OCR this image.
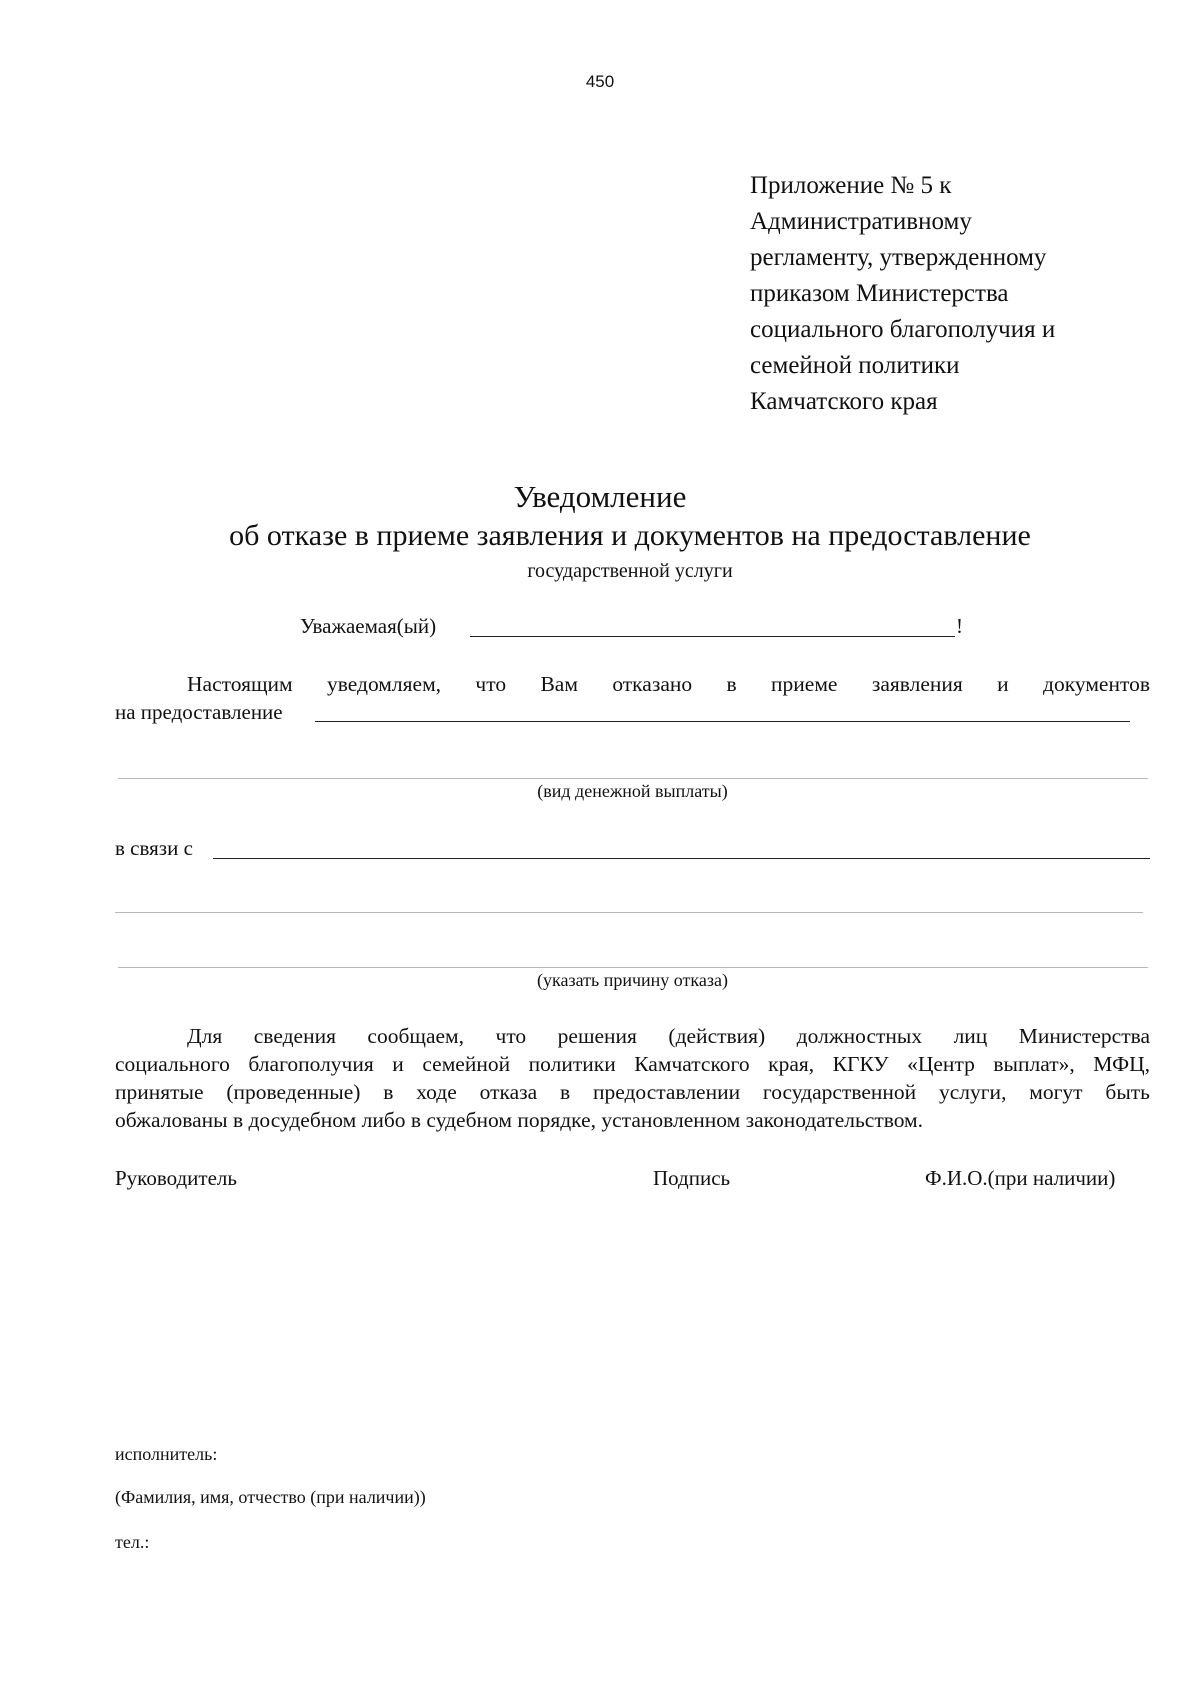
450
Приложение № 5 к
Административному
регламенту, утвержденному
приказом Министерства
социального благополучия и
семейной политики
Камчатского края
Уведомление
об отказе в приеме заявления и документов на предоставление
государственной услуги
Уважаемая(ый)	!
Настоящим уведомляем, что Вам отказано в приеме заявления и документов
на предоставление
(вид денежной выплаты)
в связи с
(указать причину отказа)
Для сведения сообщаем, что решения (действия) должностных лиц Министерства
социального благополучия и семейной политики Камчатского края, КГКУ «Центр выплат», МФЦ,
принятые (проведенные) в ходе отказа в предоставлении государственной услуги, могут быть
обжалованы в досудебном либо в судебном порядке, установленном законодательством.
Руководитель	Подпись	Ф.И.О.(при наличии)
исполнитель:
(Фамилия, имя, отчество (при наличии))
тел.:
